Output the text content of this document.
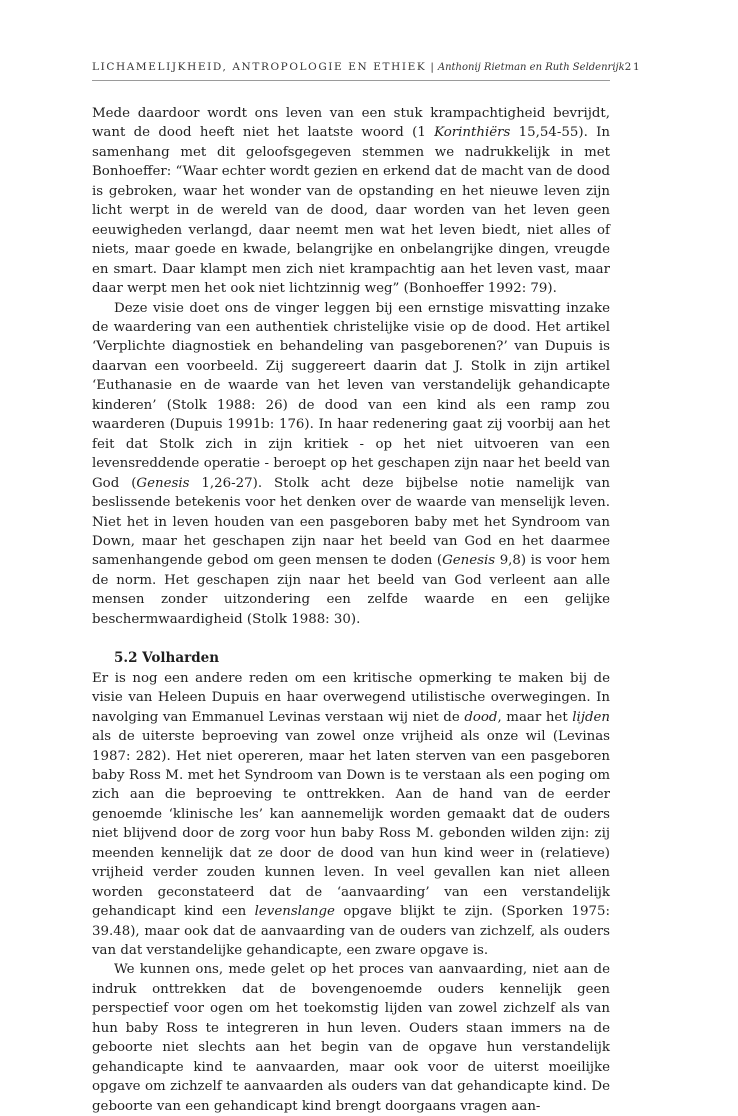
LICHAMELIJKHEID, ANTROPOLOGIE EN ETHIEK | Anthonij Rietman en Ruth Seldenrijk 21

Mede daardoor wordt ons leven van een stuk krampachtigheid bevrijdt, want de dood heeft niet het laatste woord (1 Korinthiërs 15,54-55). In samenhang met dit geloofsgegeven stemmen we nadrukkelijk in met Bonhoeffer: “Waar echter wordt gezien en erkend dat de macht van de dood is gebroken, waar het wonder van de opstanding en het nieuwe leven zijn licht werpt in de wereld van de dood, daar worden van het leven geen eeuwigheden verlangd, daar neemt men wat het leven biedt, niet alles of niets, maar goede en kwade, belangrijke en onbelangrijke dingen, vreugde en smart. Daar klampt men zich niet krampachtig aan het leven vast, maar daar werpt men het ook niet lichtzinnig weg” (Bonhoeffer 1992: 79).

Deze visie doet ons de vinger leggen bij een ernstige misvatting inzake de waardering van een authentiek christelijke visie op de dood. Het artikel ‘Verplichte diagnostiek en behandeling van pasgeborenen?’ van Dupuis is daarvan een voorbeeld. Zij suggereert daarin dat J. Stolk in zijn artikel ‘Euthanasie en de waarde van het leven van verstandelijk gehandicapte kinderen’ (Stolk 1988: 26) de dood van een kind als een ramp zou waarderen (Dupuis 1991b: 176). In haar redenering gaat zij voorbij aan het feit dat Stolk zich in zijn kritiek - op het niet uitvoeren van een levensreddende operatie - beroept op het geschapen zijn naar het beeld van God (Genesis 1,26-27). Stolk acht deze bijbelse notie namelijk van beslissende betekenis voor het denken over de waarde van menselijk leven. Niet het in leven houden van een pasgeboren baby met het Syndroom van Down, maar het geschapen zijn naar het beeld van God en het daarmee samenhangende gebod om geen mensen te doden (Genesis 9,8) is voor hem de norm. Het geschapen zijn naar het beeld van God verleent aan alle mensen zonder uitzondering een zelfde waarde en een gelijke beschermwaardigheid (Stolk 1988: 30).

5.2 Volharden

Er is nog een andere reden om een kritische opmerking te maken bij de visie van Heleen Dupuis en haar overwegend utilistische overwegingen. In navolging van Emmanuel Levinas verstaan wij niet de dood, maar het lijden als de uiterste beproeving van zowel onze vrijheid als onze wil (Levinas 1987: 282). Het niet opereren, maar het laten sterven van een pasgeboren baby Ross M. met het Syndroom van Down is te verstaan als een poging om zich aan die beproeving te onttrekken. Aan de hand van de eerder genoemde ‘klinische les’ kan aannemelijk worden gemaakt dat de ouders niet blijvend door de zorg voor hun baby Ross M. gebonden wilden zijn: zij meenden kennelijk dat ze door de dood van hun kind weer in (relatieve) vrijheid verder zouden kunnen leven. In veel gevallen kan niet alleen worden geconstateerd dat de ‘aanvaarding’ van een verstandelijk gehandicapt kind een levenslange opgave blijkt te zijn. (Sporken 1975: 39.48), maar ook dat de aanvaarding van de ouders van zichzelf, als ouders van dat verstandelijke gehandicapte, een zware opgave is.

We kunnen ons, mede gelet op het proces van aanvaarding, niet aan de indruk onttrekken dat de bovengenoemde ouders kennelijk geen perspectief voor ogen om het toekomstig lijden van zowel zichzelf als van hun baby Ross te integreren in hun leven. Ouders staan immers na de geboorte niet slechts aan het begin van de opgave hun verstandelijk gehandicapte kind te aanvaarden, maar ook voor de uiterst moeilijke opgave om zichzelf te aanvaarden als ouders van dat gehandicapte kind. De geboorte van een gehandicapt kind brengt doorgaans vragen aan-
